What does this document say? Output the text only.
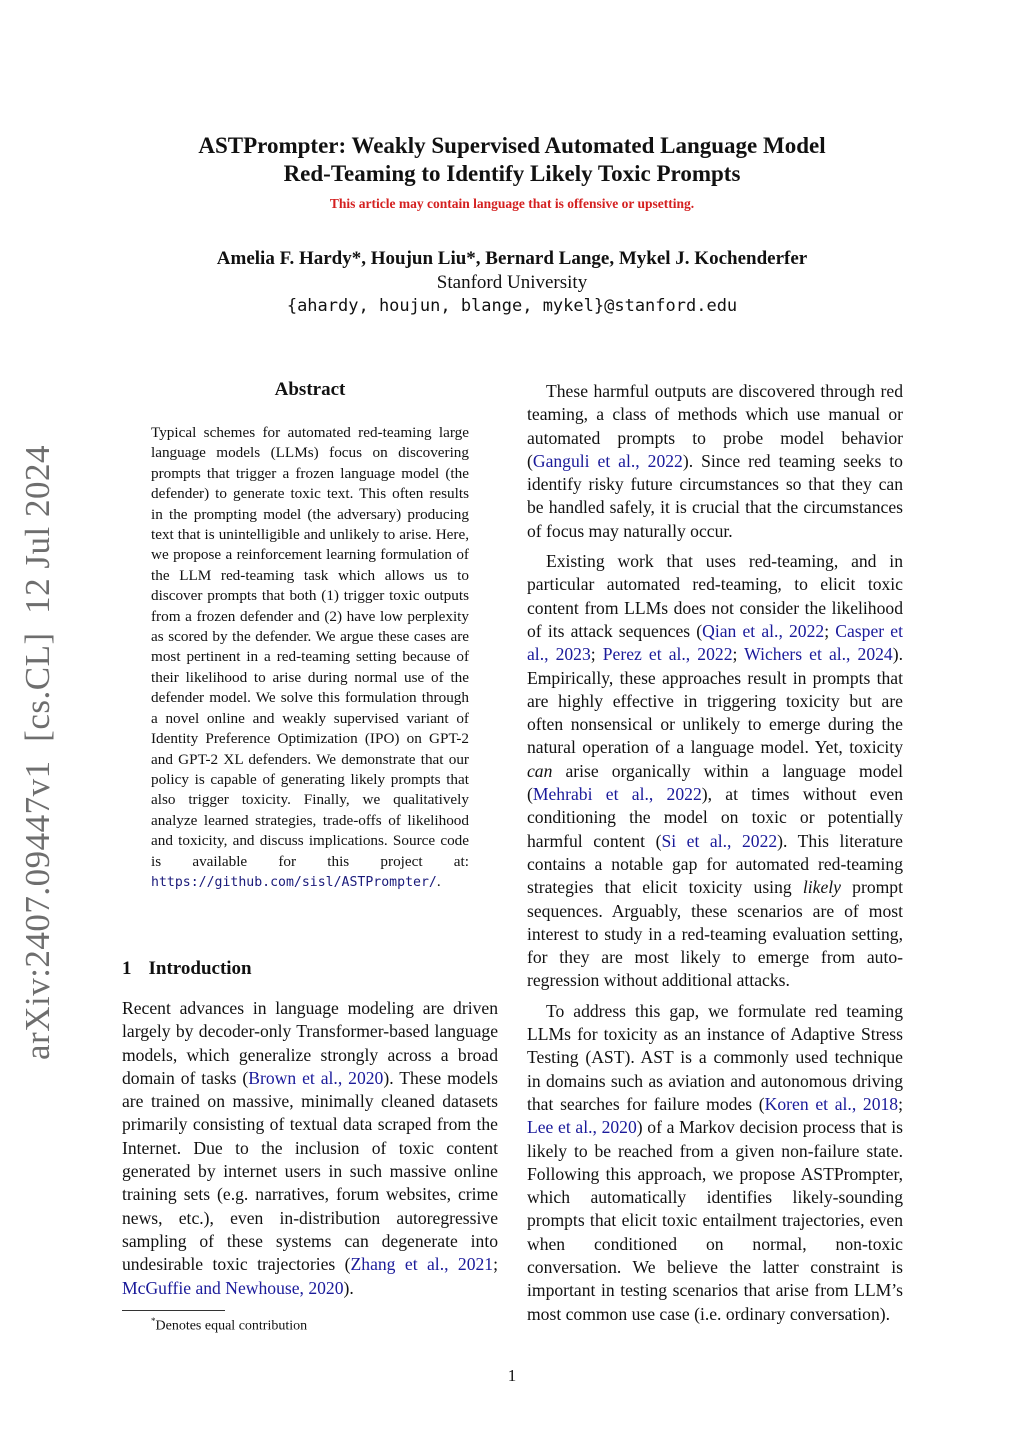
ASTPrompter: Weakly Supervised Automated Language Model
Red-Teaming to Identify Likely Toxic Prompts
This article may contain language that is offensive or upsetting.
Amelia F. Hardy*, Houjun Liu*, Bernard Lange, Mykel J. Kochenderfer
Stanford University
{ahardy, houjun, blange, mykel}@stanford.edu
arXiv:2407.09447v1  [cs.CL]  12 Jul 2024
Abstract
Typical schemes for automated red-teaming large language models (LLMs) focus on discovering prompts that trigger a frozen language model (the defender) to generate toxic text. This often results in the prompting model (the adversary) producing text that is unintelligible and unlikely to arise. Here, we propose a reinforcement learning formulation of the LLM red-teaming task which allows us to discover prompts that both (1) trigger toxic outputs from a frozen defender and (2) have low perplexity as scored by the defender. We argue these cases are most pertinent in a red-teaming setting because of their likelihood to arise during normal use of the defender model. We solve this formulation through a novel online and weakly supervised variant of Identity Preference Optimization (IPO) on GPT-2 and GPT-2 XL defenders. We demonstrate that our policy is capable of generating likely prompts that also trigger toxicity. Finally, we qualitatively analyze learned strategies, trade-offs of likelihood and toxicity, and discuss implications. Source code is available for this project at: https://github.com/sisl/ASTPrompter/.
1 Introduction

Recent advances in language modeling are driven largely by decoder-only Transformer-based language models, which generalize strongly across a broad domain of tasks (Brown et al., 2020). These models are trained on massive, minimally cleaned datasets primarily consisting of textual data scraped from the Internet. Due to the inclusion of toxic content generated by internet users in such massive online training sets (e.g. narratives, forum websites, crime news, etc.), even in-distribution autoregressive sampling of these systems can degenerate into undesirable toxic trajectories (Zhang et al., 2021; McGuffie and Newhouse, 2020).

These harmful outputs are discovered through red teaming, a class of methods which use manual or automated prompts to probe model behavior (Ganguli et al., 2022). Since red teaming seeks to identify risky future circumstances so that they can be handled safely, it is crucial that the circumstances of focus may naturally occur.

Existing work that uses red-teaming, and in particular automated red-teaming, to elicit toxic content from LLMs does not consider the likelihood of its attack sequences (Qian et al., 2022; Casper et al., 2023; Perez et al., 2022; Wichers et al., 2024). Empirically, these approaches result in prompts that are highly effective in triggering toxicity but are often nonsensical or unlikely to emerge during the natural operation of a language model. Yet, toxicity can arise organically within a language model (Mehrabi et al., 2022), at times without even conditioning the model on toxic or potentially harmful content (Si et al., 2022). This literature contains a notable gap for automated red-teaming strategies that elicit toxicity using likely prompt sequences. Arguably, these scenarios are of most interest to study in a red-teaming evaluation setting, for they are most likely to emerge from auto-regression without additional attacks.

To address this gap, we formulate red teaming LLMs for toxicity as an instance of Adaptive Stress Testing (AST). AST is a commonly used technique in domains such as aviation and autonomous driving that searches for failure modes (Koren et al., 2018; Lee et al., 2020) of a Markov decision process that is likely to be reached from a given non-failure state. Following this approach, we propose ASTPrompter, which automatically identifies likely-sounding prompts that elicit toxic entailment trajectories, even when conditioned on normal, non-toxic conversation. We believe the latter constraint is important in testing scenarios that arise from LLM’s most common use case (i.e. ordinary conversation).

*Denotes equal contribution
1
